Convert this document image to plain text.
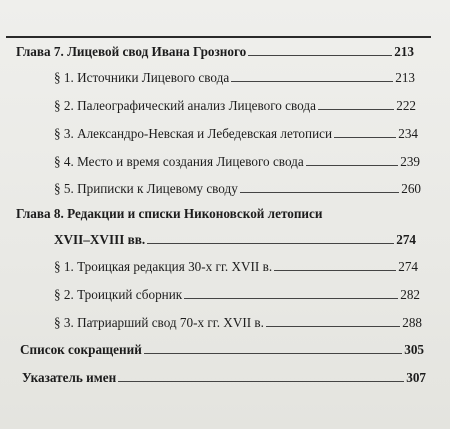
Глава 7. Лицевой свод Ивана Грозного	213
§ 1. Источники Лицевого свода	213
§ 2. Палеографический анализ Лицевого свода	222
§ 3. Александро-Невская и Лебедевская летописи	234
§ 4. Место и время создания Лицевого свода	239
§ 5. Приписки к Лицевому своду	260
Глава 8. Редакции и списки Никоновской летописи
XVII–XVIII вв.	274
§ 1. Троицкая редакция 30-х гг. XVII в.	274
§ 2. Троицкий сборник	282
§ 3. Патриарший свод 70-х гг. XVII в.	288
Список сокращений	305
Указатель имен	307
